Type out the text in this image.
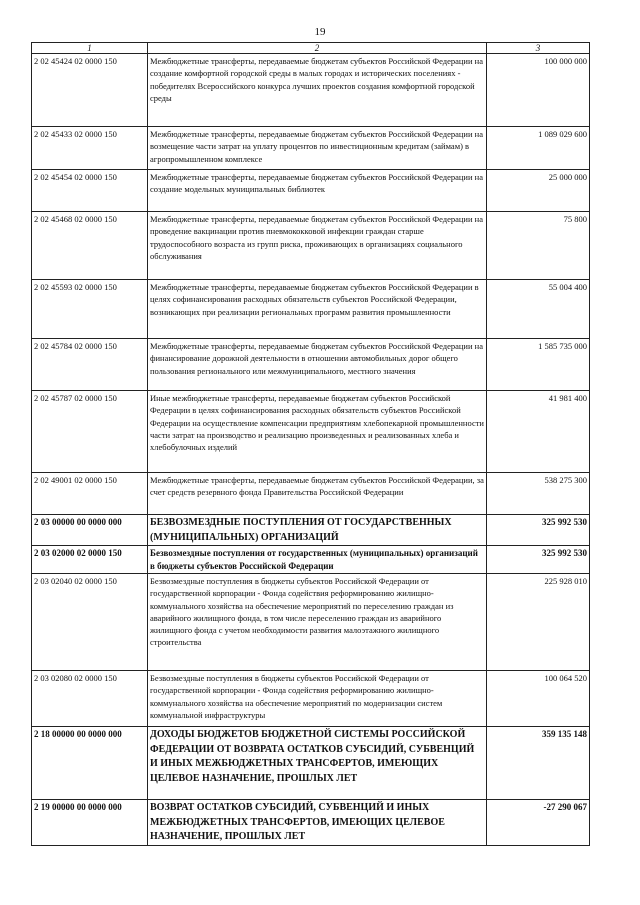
19
1	2	3
2 02 45424 02 0000 150	Межбюджетные трансферты, передаваемые бюджетам субъектов Российской Федерации на создание комфортной городской среды в малых городах и исторических поселениях - победителях Всероссийского конкурса лучших проектов создания комфортной городской среды	100 000 000
2 02 45433 02 0000 150	Межбюджетные трансферты, передаваемые бюджетам субъектов Российской Федерации на возмещение части затрат на уплату процентов по инвестиционным кредитам (займам) в агропромышленном комплексе	1 089 029 600
2 02 45454 02 0000 150	Межбюджетные трансферты, передаваемые бюджетам субъектов Российской Федерации на создание модельных муниципальных библиотек	25 000 000
2 02 45468 02 0000 150	Межбюджетные трансферты, передаваемые бюджетам субъектов Российской Федерации на проведение вакцинации против пневмококковой инфекции граждан старше трудоспособного возраста из групп риска, проживающих в организациях социального обслуживания	75 800
2 02 45593 02 0000 150	Межбюджетные трансферты, передаваемые бюджетам субъектов Российской Федерации в целях софинансирования расходных обязательств субъектов Российской Федерации, возникающих при реализации региональных программ развития промышленности	55 004 400
2 02 45784 02 0000 150	Межбюджетные трансферты, передаваемые бюджетам субъектов Российской Федерации на финансирование дорожной деятельности в отношении автомобильных дорог общего пользования регионального или межмуниципального, местного значения	1 585 735 000
2 02 45787 02 0000 150	Иные межбюджетные трансферты, передаваемые бюджетам субъектов Российской Федерации в целях софинансирования расходных обязательств субъектов Российской Федерации на осуществление компенсации предприятиям хлебопекарной промышленности части затрат на производство и реализацию произведенных и реализованных хлеба и хлебобулочных изделий	41 981 400
2 02 49001 02 0000 150	Межбюджетные трансферты, передаваемые бюджетам субъектов Российской Федерации, за счет средств резервного фонда Правительства Российской Федерации	538 275 300
2 03 00000 00 0000 000	БЕЗВОЗМЕЗДНЫЕ ПОСТУПЛЕНИЯ ОТ ГОСУДАРСТВЕННЫХ (МУНИЦИПАЛЬНЫХ) ОРГАНИЗАЦИЙ	325 992 530
2 03 02000 02 0000 150	Безвозмездные поступления от государственных (муниципальных) организаций в бюджеты субъектов Российской Федерации	325 992 530
2 03 02040 02 0000 150	Безвозмездные поступления в бюджеты субъектов Российской Федерации от государственной корпорации - Фонда содействия реформированию жилищно-коммунального хозяйства на обеспечение мероприятий по переселению граждан из аварийного жилищного фонда, в том числе переселению граждан из аварийного жилищного фонда с учетом необходимости развития малоэтажного жилищного строительства	225 928 010
2 03 02080 02 0000 150	Безвозмездные поступления в бюджеты субъектов Российской Федерации от государственной корпорации - Фонда содействия реформированию жилищно-коммунального хозяйства на обеспечение мероприятий по модернизации систем коммунальной инфраструктуры	100 064 520
2 18 00000 00 0000 000	ДОХОДЫ БЮДЖЕТОВ БЮДЖЕТНОЙ СИСТЕМЫ РОССИЙСКОЙ ФЕДЕРАЦИИ ОТ ВОЗВРАТА ОСТАТКОВ СУБСИДИЙ, СУБВЕНЦИЙ И ИНЫХ МЕЖБЮДЖЕТНЫХ ТРАНСФЕРТОВ, ИМЕЮЩИХ ЦЕЛЕВОЕ НАЗНАЧЕНИЕ, ПРОШЛЫХ ЛЕТ	359 135 148
2 19 00000 00 0000 000	ВОЗВРАТ ОСТАТКОВ СУБСИДИЙ, СУБВЕНЦИЙ И ИНЫХ МЕЖБЮДЖЕТНЫХ ТРАНСФЕРТОВ, ИМЕЮЩИХ ЦЕЛЕВОЕ НАЗНАЧЕНИЕ, ПРОШЛЫХ ЛЕТ	-27 290 067
